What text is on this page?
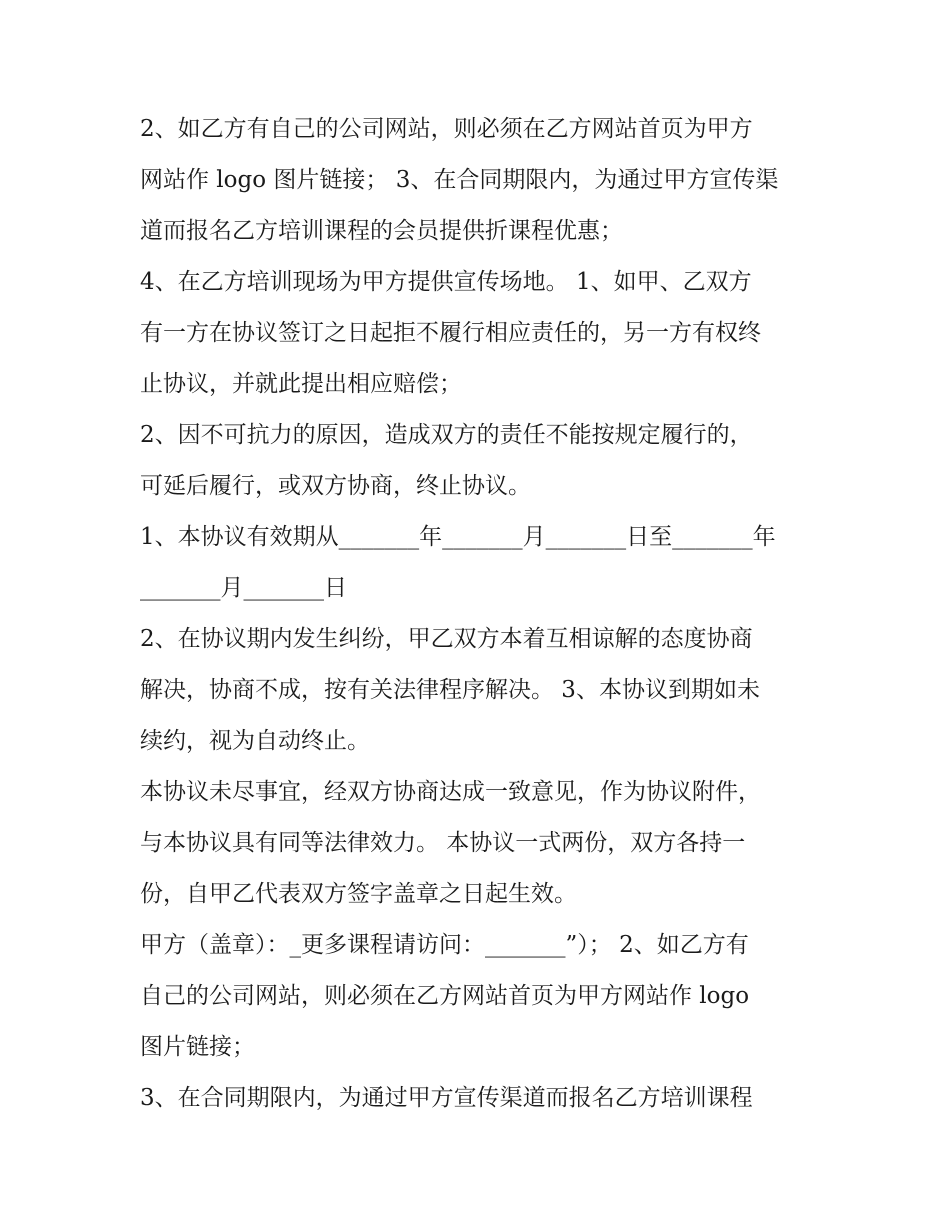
2、如乙方有自己的公司网站，则必须在乙方网站首页为甲方
网站作 logo 图片链接； 3、在合同期限内，为通过甲方宣传渠
道而报名乙方培训课程的会员提供折课程优惠；
4、在乙方培训现场为甲方提供宣传场地。 1、如甲、乙双方
有一方在协议签订之日起拒不履行相应责任的，另一方有权终
止协议，并就此提出相应赔偿；
2、因不可抗力的原因，造成双方的责任不能按规定履行的，
可延后履行，或双方协商，终止协议。
1、本协议有效期从_______年_______月_______日至_______年
_______月_______日
2、在协议期内发生纠纷，甲乙双方本着互相谅解的态度协商
解决，协商不成，按有关法律程序解决。 3、本协议到期如未
续约，视为自动终止。
本协议未尽事宜，经双方协商达成一致意见，作为协议附件，
与本协议具有同等法律效力。 本协议一式两份，双方各持一
份，自甲乙代表双方签字盖章之日起生效。
甲方（盖章）：_更多课程请访问：_______”）； 2、如乙方有
自己的公司网站，则必须在乙方网站首页为甲方网站作 logo
图片链接；
3、在合同期限内，为通过甲方宣传渠道而报名乙方培训课程
